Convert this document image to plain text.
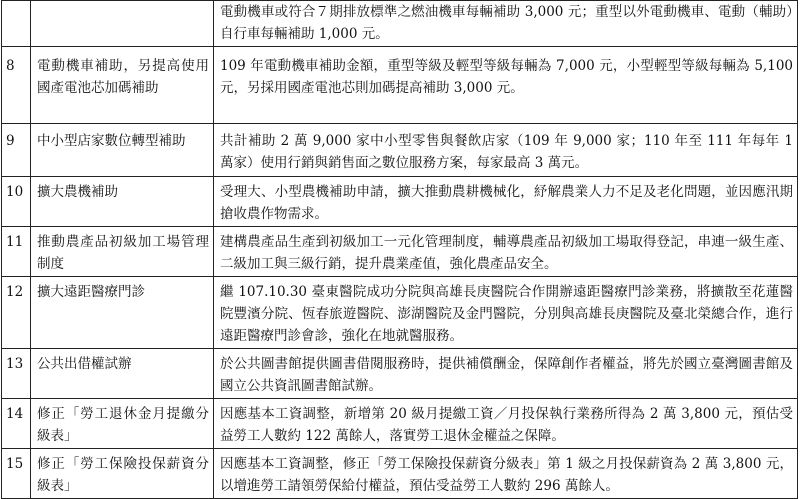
		電動機車或符合７期排放標準之燃油機車每輛補助 3,000 元；重型以外電動機車、電動（輔助）自行車每輛補助 1,000 元。
8	電動機車補助，另提高使用國產電池芯加碼補助	109 年電動機車補助金額，重型等級及輕型等級每輛為 7,000 元，小型輕型等級每輛為 5,100 元，另採用國產電池芯則加碼提高補助 3,000 元。
9	中小型店家數位轉型補助	共計補助 2 萬 9,000 家中小型零售與餐飲店家（109 年 9,000 家；110 年至 111 年每年 1 萬家）使用行銷與銷售面之數位服務方案，每家最高 3 萬元。
10	擴大農機補助	受理大、小型農機補助申請，擴大推動農耕機械化，紓解農業人力不足及老化問題，並因應汛期搶收農作物需求。
11	推動農產品初級加工場管理制度	建構農產品生產到初級加工一元化管理制度，輔導農產品初級加工場取得登記，串連一級生產、二級加工與三級行銷，提升農業產值，強化農產品安全。
12	擴大遠距醫療門診	繼 107.10.30 臺東醫院成功分院與高雄長庚醫院合作開辦遠距醫療門診業務，將擴散至花蓮醫院豐濱分院、恆春旅遊醫院、澎湖醫院及金門醫院，分別與高雄長庚醫院及臺北榮總合作，進行遠距醫療門診會診，強化在地就醫服務。
13	公共出借權試辦	於公共圖書館提供圖書借閱服務時，提供補償酬金，保障創作者權益，將先於國立臺灣圖書館及國立公共資訊圖書館試辦。
14	修正「勞工退休金月提繳分級表」	因應基本工資調整，新增第 20 級月提繳工資／月投保執行業務所得為 2 萬 3,800 元，預估受益勞工人數約 122 萬餘人，落實勞工退休金權益之保障。
15	修正「勞工保險投保薪資分級表」	因應基本工資調整，修正「勞工保險投保薪資分級表」第 1 級之月投保薪資為 2 萬 3,800 元，以增進勞工請領勞保給付權益，預估受益勞工人數約 296 萬餘人。
